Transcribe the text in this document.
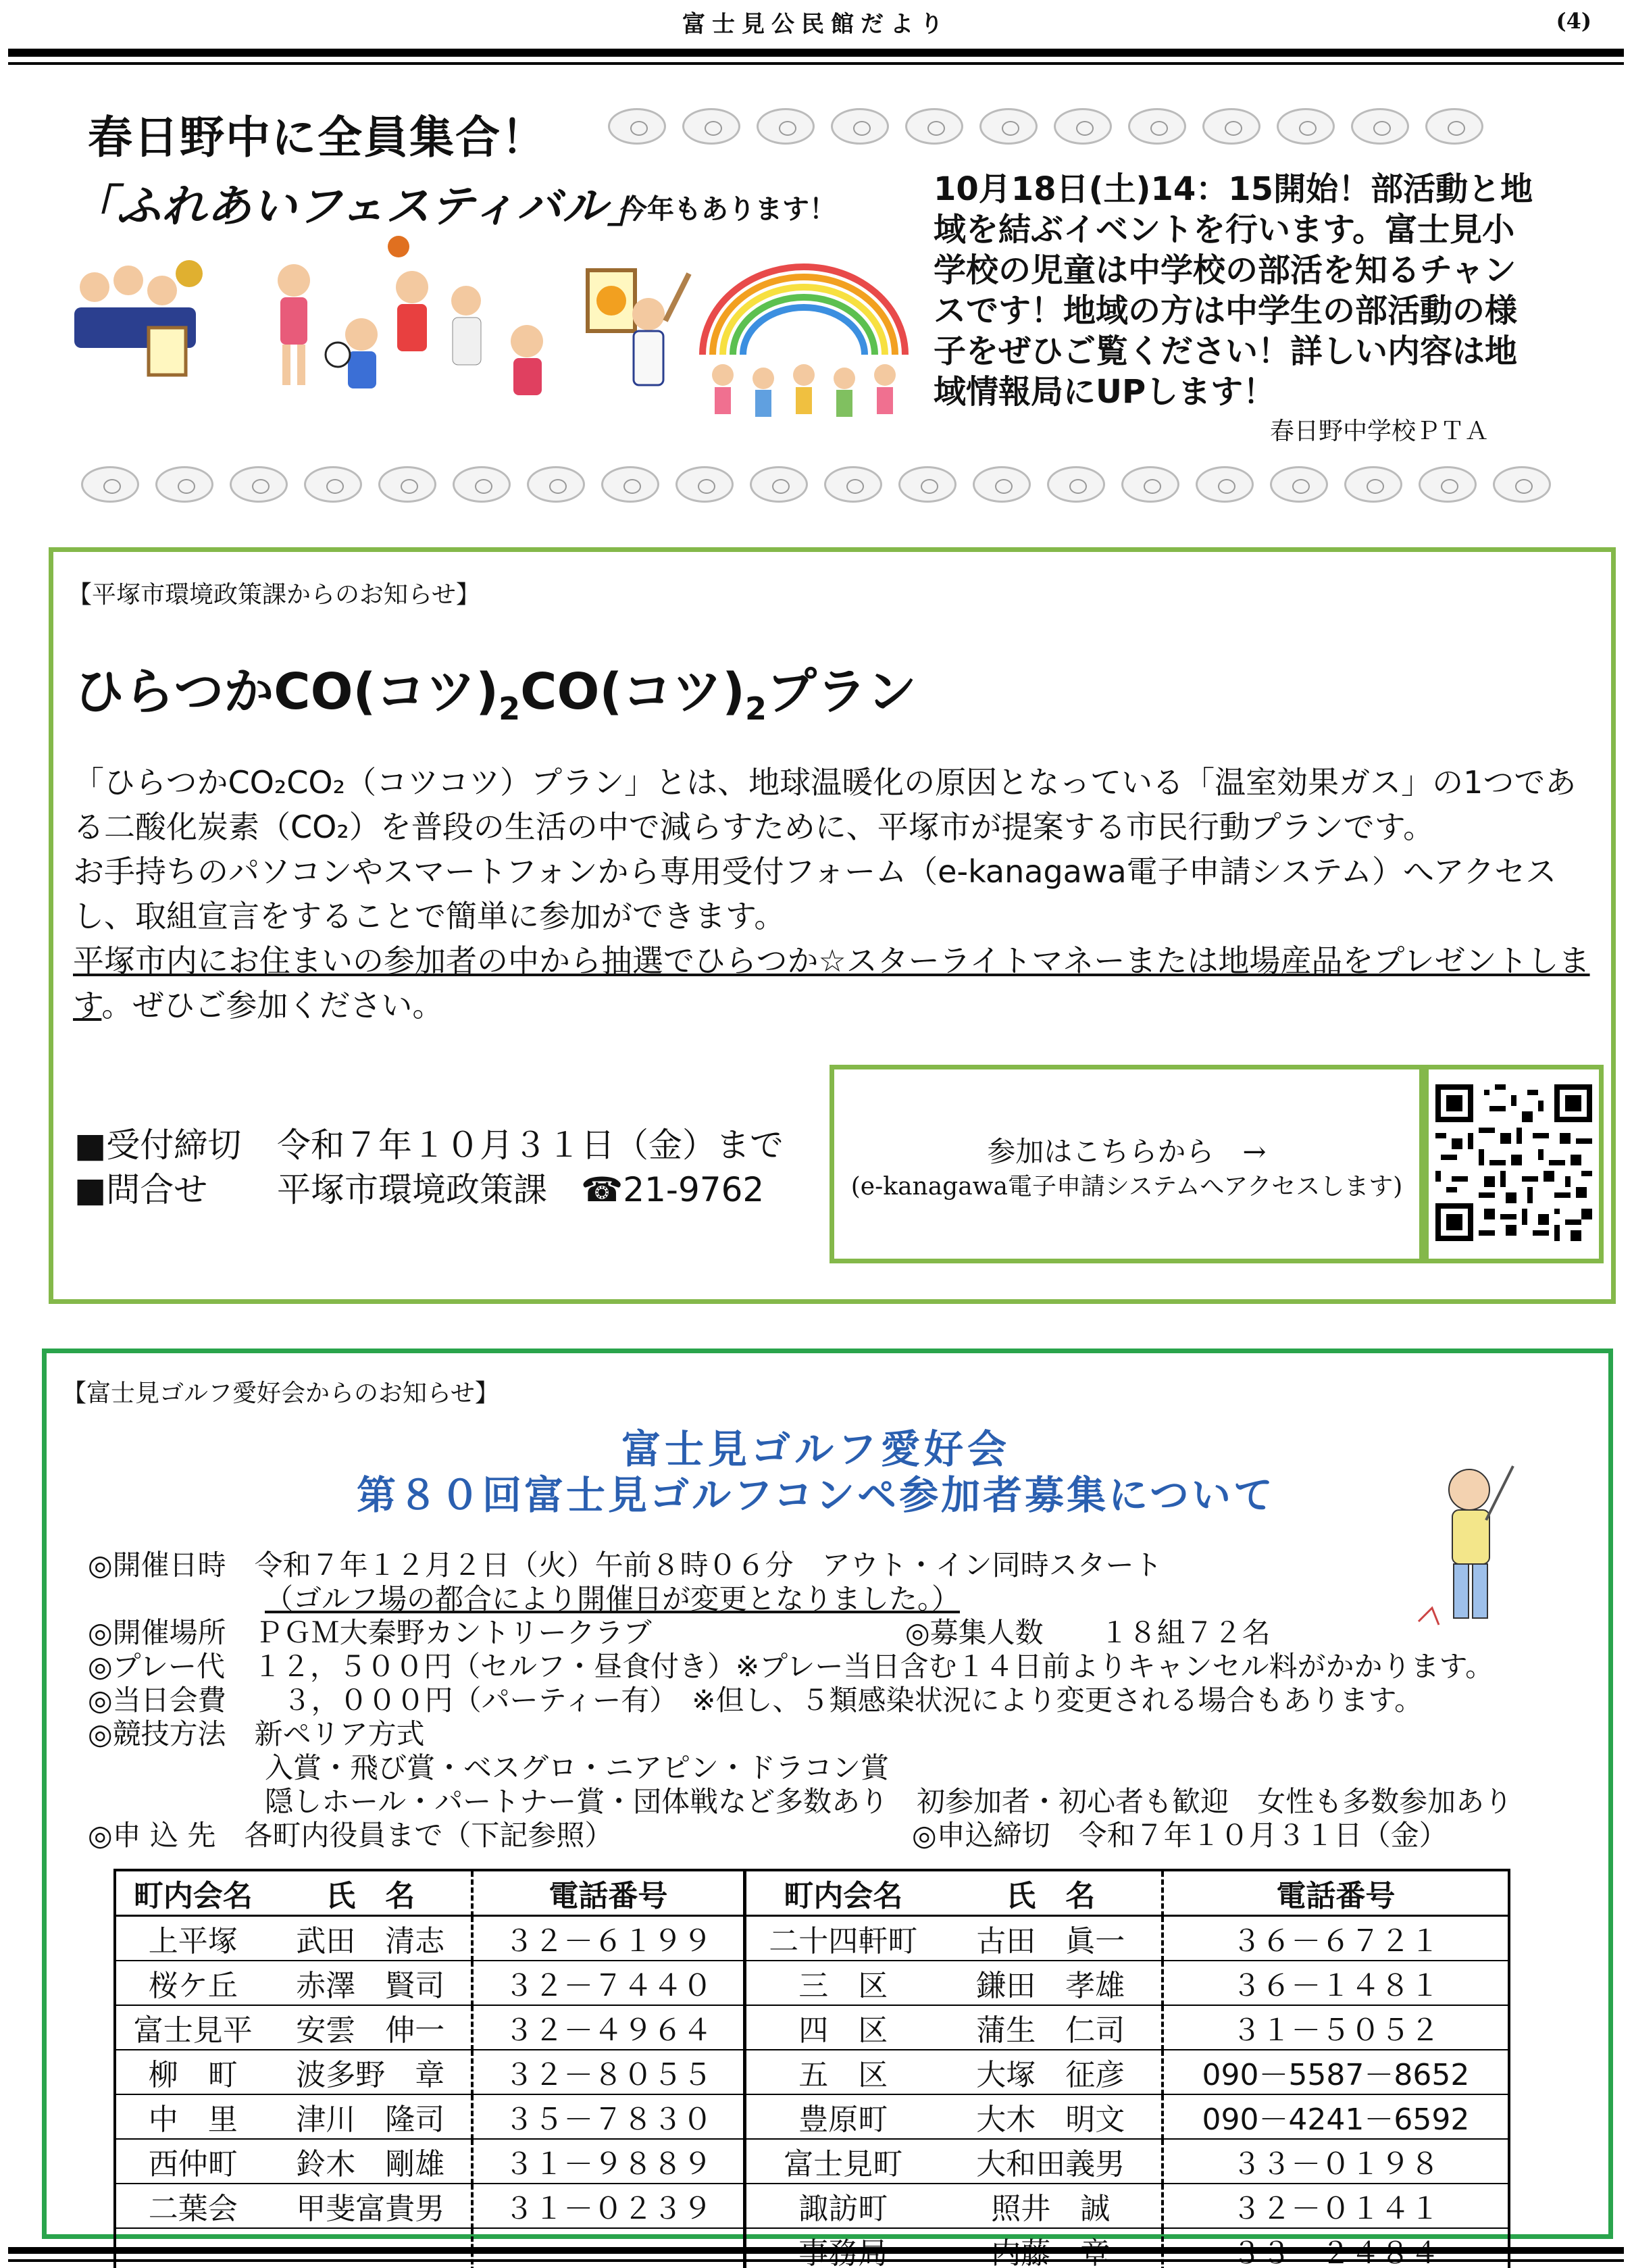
富士見公民館だより	(4)
春日野中に全員集合！
「ふれあいフェスティバル」
今年もあります！
10月18日(土)14：15開始！部活動と地域を結ぶイベントを行います。富士見小学校の児童は中学校の部活を知るチャンスです！地域の方は中学生の部活動の様子をぜひご覧ください！詳しい内容は地域情報局にUPします！
春日野中学校ＰＴＡ
【平塚市環境政策課からのお知らせ】
ひらつかCO(コツ)$_2CO$(コツ)$_2$プラン
「ひらつかCO₂CO₂（コツコツ）プラン」とは、地球温暖化の原因となっている「温室効果ガス」の1つである二酸化炭素（CO₂）を普段の生活の中で減らすために、平塚市が提案する市民行動プランです。
お手持ちのパソコンやスマートフォンから専用受付フォーム（e-kanagawa電子申請システム）へアクセスし、取組宣言をすることで簡単に参加ができます。
平塚市内にお住まいの参加者の中から抽選でひらつか☆スターライトマネーまたは地場産品をプレゼントします。ぜひご参加ください。
■受付締切 令和７年１０月３１日（金）まで
■問合せ 平塚市環境政策課　☎21-9762
参加はこちらから　→
(e-kanagawa電子申請システムへアクセスします)
【富士見ゴルフ愛好会からのお知らせ】
富士見ゴルフ愛好会
第８０回富士見ゴルフコンペ参加者募集について
◎開催日時　令和７年１２月２日（火）午前８時０６分　アウト・イン同時スタート
（ゴルフ場の都合により開催日が変更となりました。）
◎開催場所　ＰＧＭ大秦野カントリークラブ	◎募集人数　　１８組７２名
◎プレー代　１２，５００円（セルフ・昼食付き）※プレー当日含む１４日前よりキャンセル料がかかります。
◎当日会費　　３，０００円（パーティー有）　※但し、５類感染状況により変更される場合もあります。
◎競技方法　新ペリア方式
入賞・飛び賞・ベスグロ・ニアピン・ドラコン賞
隠しホール・パートナー賞・団体戦など多数あり　初参加者・初心者も歓迎　女性も多数参加あり
◎申 込 先　各町内役員まで（下記参照）	◎申込締切　令和７年１０月３１日（金）
町内会名	氏　名	電話番号	町内会名	氏　名	電話番号
上平塚	武田　清志	３２－６１９９	二十四軒町	古田　眞一	３６－６７２１
桜ケ丘	赤澤　賢司	３２－７４４０	三　区	鎌田　孝雄	３６－１４８１
富士見平	安雲　伸一	３２－４９６４	四　区	蒲生　仁司	３１－５０５２
柳　町	波多野　章	３２－８０５５	五　区	大塚　征彦	090－5587－8652
中　里	津川　隆司	３５－７８３０	豊原町	大木　明文	090－4241－6592
西仲町	鈴木　剛雄	３１－９８８９	富士見町	大和田義男	３３－０１９８
二葉会	甲斐富貴男	３１－０２３９	諏訪町	照井　誠	３２－０１４１
